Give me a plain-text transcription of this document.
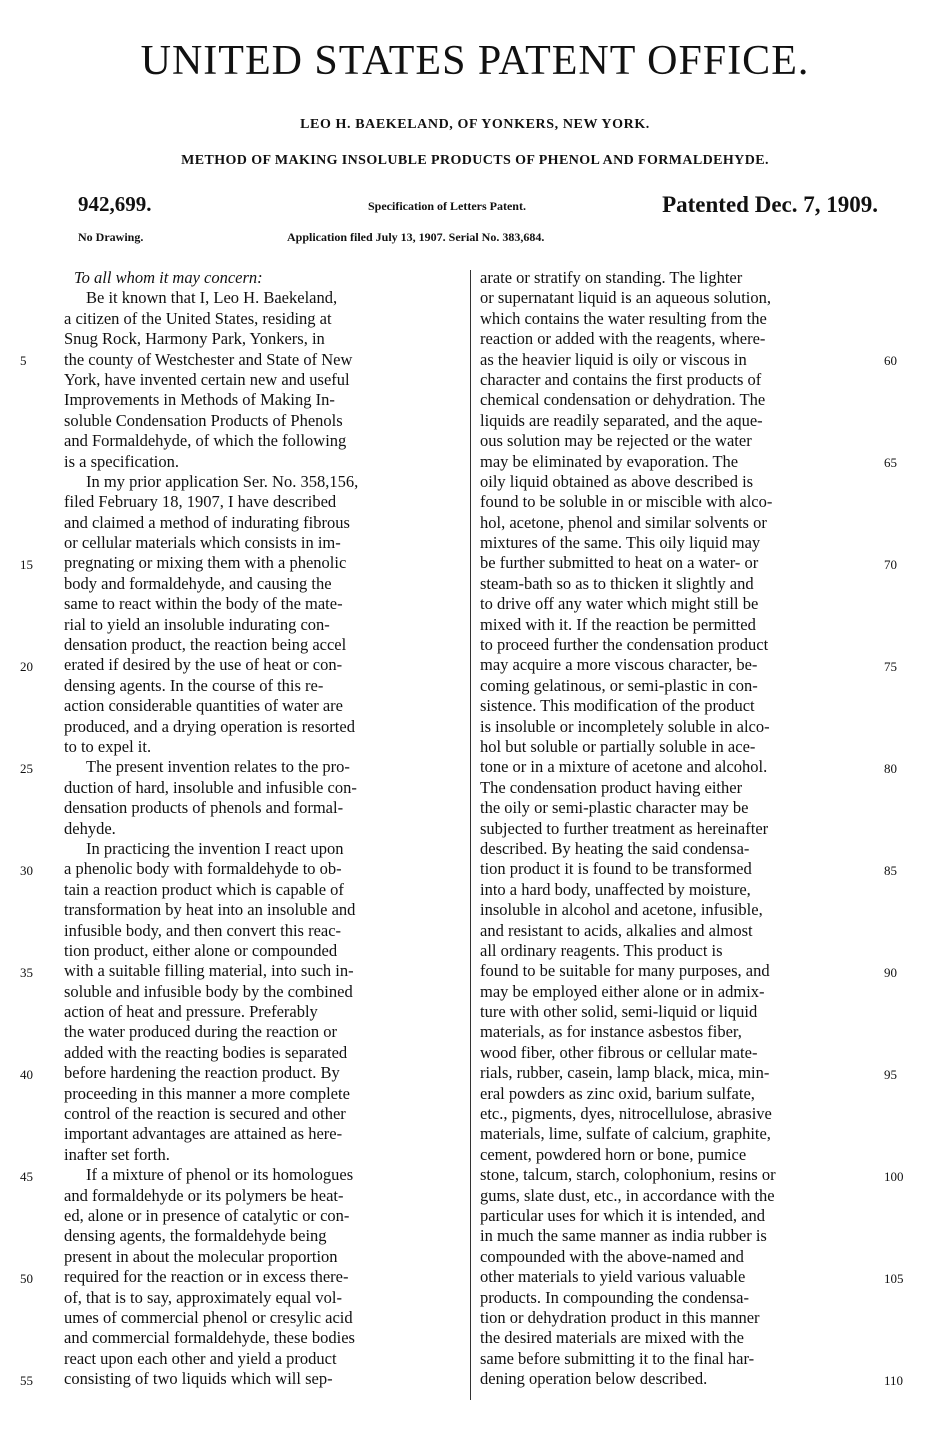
UNITED STATES PATENT OFFICE.
LEO H. BAEKELAND, OF YONKERS, NEW YORK.
METHOD OF MAKING INSOLUBLE PRODUCTS OF PHENOL AND FORMALDEHYDE.
942,699.	Specification of Letters Patent.	Patented Dec. 7, 1909.
No Drawing.	Application filed July 13, 1907. Serial No. 383,684.
To all whom it may concern:
Be it known that I, Leo H. Baekeland,
a citizen of the United States, residing at
Snug Rock, Harmony Park, Yonkers, in
the county of Westchester and State of New
York, have invented certain new and useful
Improvements in Methods of Making In-
soluble Condensation Products of Phenols
and Formaldehyde, of which the following
is a specification.
In my prior application Ser. No. 358,156,
filed February 18, 1907, I have described
and claimed a method of indurating fibrous
or cellular materials which consists in im-
pregnating or mixing them with a phenolic
body and formaldehyde, and causing the
same to react within the body of the mate-
rial to yield an insoluble indurating con-
densation product, the reaction being accel
erated if desired by the use of heat or con-
densing agents. In the course of this re-
action considerable quantities of water are
produced, and a drying operation is resorted
to to expel it.
The present invention relates to the pro-
duction of hard, insoluble and infusible con-
densation products of phenols and formal-
dehyde.
In practicing the invention I react upon
a phenolic body with formaldehyde to ob-
tain a reaction product which is capable of
transformation by heat into an insoluble and
infusible body, and then convert this reac-
tion product, either alone or compounded
with a suitable filling material, into such in-
soluble and infusible body by the combined
action of heat and pressure. Preferably
the water produced during the reaction or
added with the reacting bodies is separated
before hardening the reaction product. By
proceeding in this manner a more complete
control of the reaction is secured and other
important advantages are attained as here-
inafter set forth.
If a mixture of phenol or its homologues
and formaldehyde or its polymers be heat-
ed, alone or in presence of catalytic or con-
densing agents, the formaldehyde being
present in about the molecular proportion
required for the reaction or in excess there-
of, that is to say, approximately equal vol-
umes of commercial phenol or cresylic acid
and commercial formaldehyde, these bodies
react upon each other and yield a product
consisting of two liquids which will sep-
arate or stratify on standing. The lighter
or supernatant liquid is an aqueous solution,
which contains the water resulting from the
reaction or added with the reagents, where-
as the heavier liquid is oily or viscous in
character and contains the first products of
chemical condensation or dehydration. The
liquids are readily separated, and the aque-
ous solution may be rejected or the water
may be eliminated by evaporation. The
oily liquid obtained as above described is
found to be soluble in or miscible with alco-
hol, acetone, phenol and similar solvents or
mixtures of the same. This oily liquid may
be further submitted to heat on a water- or
steam-bath so as to thicken it slightly and
to drive off any water which might still be
mixed with it. If the reaction be permitted
to proceed further the condensation product
may acquire a more viscous character, be-
coming gelatinous, or semi-plastic in con-
sistence. This modification of the product
is insoluble or incompletely soluble in alco-
hol but soluble or partially soluble in ace-
tone or in a mixture of acetone and alcohol.
The condensation product having either
the oily or semi-plastic character may be
subjected to further treatment as hereinafter
described. By heating the said condensa-
tion product it is found to be transformed
into a hard body, unaffected by moisture,
insoluble in alcohol and acetone, infusible,
and resistant to acids, alkalies and almost
all ordinary reagents. This product is
found to be suitable for many purposes, and
may be employed either alone or in admix-
ture with other solid, semi-liquid or liquid
materials, as for instance asbestos fiber,
wood fiber, other fibrous or cellular mate-
rials, rubber, casein, lamp black, mica, min-
eral powders as zinc oxid, barium sulfate,
etc., pigments, dyes, nitrocellulose, abrasive
materials, lime, sulfate of calcium, graphite,
cement, powdered horn or bone, pumice
stone, talcum, starch, colophonium, resins or
gums, slate dust, etc., in accordance with the
particular uses for which it is intended, and
in much the same manner as india rubber is
compounded with the above-named and
other materials to yield various valuable
products. In compounding the condensa-
tion or dehydration product in this manner
the desired materials are mixed with the
same before submitting it to the final har-
dening operation below described.
5
15
20
25
30
35
40
45
50
55
60
65
70
75
80
85
90
95
100
105
110
